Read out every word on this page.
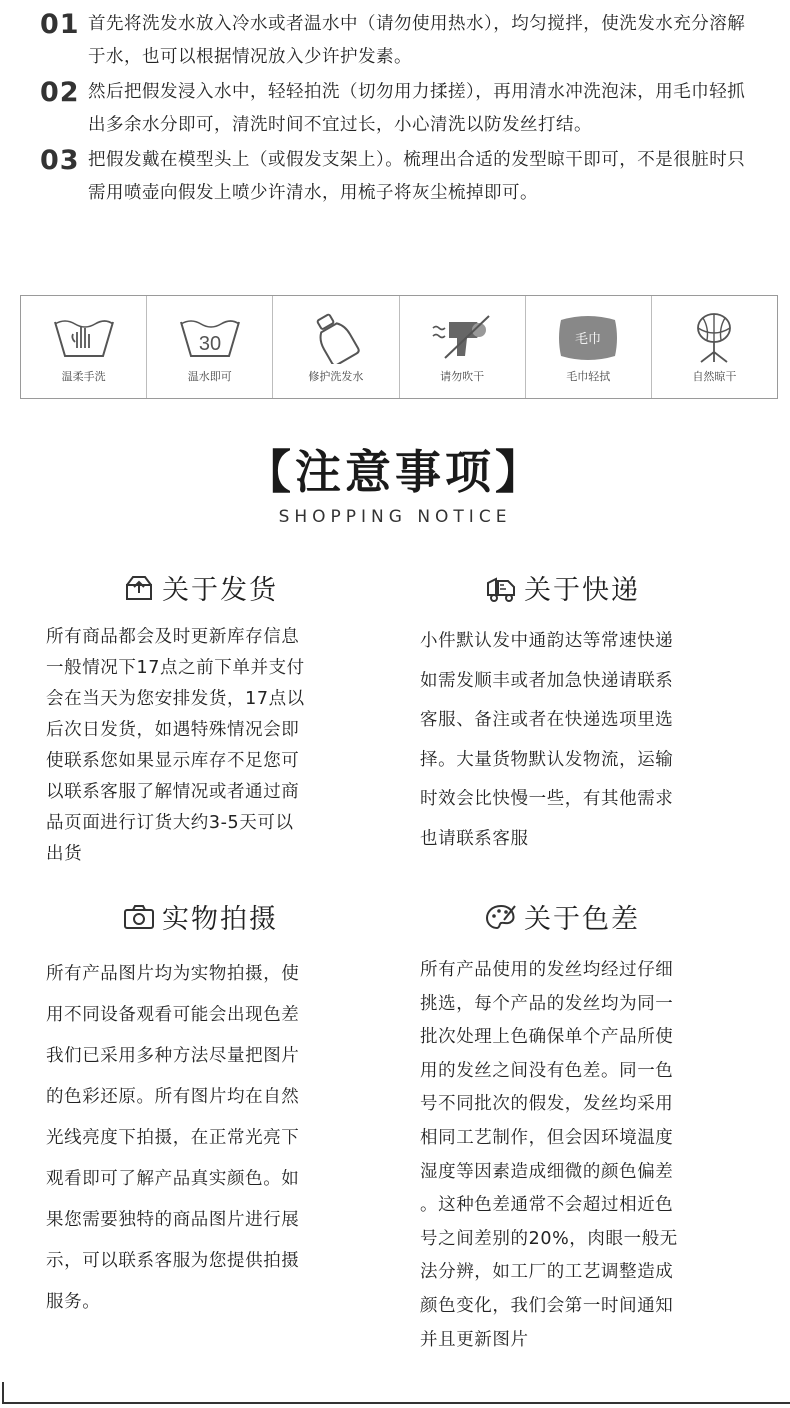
01 首先将洗发水放入冷水或者温水中（请勿使用热水），均匀搅拌，使洗发水充分溶解于水，也可以根据情况放入少许护发素。
02 然后把假发浸入水中，轻轻拍洗（切勿用力揉搓），再用清水冲洗泡沫，用毛巾轻抓出多余水分即可，清洗时间不宜过长，小心清洗以防发丝打结。
03 把假发戴在模型头上（或假发支架上）。梳理出合适的发型晾干即可，不是很脏时只需用喷壶向假发上喷少许清水，用梳子将灰尘梳掉即可。
温柔手洗
30
温水即可	修护洗发水	请勿吹干
毛巾
毛巾轻拭	自然晾干
【注意事项】
SHOPPING NOTICE
关于发货
所有商品都会及时更新库存信息
一般情况下17点之前下单并支付
会在当天为您安排发货，17点以
后次日发货，如遇特殊情况会即
使联系您如果显示库存不足您可
以联系客服了解情况或者通过商
品页面进行订货大约3-5天可以
出货
关于快递
小件默认发中通韵达等常速快递
如需发顺丰或者加急快递请联系
客服、备注或者在快递选项里选
择。大量货物默认发物流，运输
时效会比快慢一些，有其他需求
也请联系客服
实物拍摄
所有产品图片均为实物拍摄，使
用不同设备观看可能会出现色差
我们已采用多种方法尽量把图片
的色彩还原。所有图片均在自然
光线亮度下拍摄，在正常光亮下
观看即可了解产品真实颜色。如
果您需要独特的商品图片进行展
示，可以联系客服为您提供拍摄
服务。
关于色差
所有产品使用的发丝均经过仔细
挑选，每个产品的发丝均为同一
批次处理上色确保单个产品所使
用的发丝之间没有色差。同一色
号不同批次的假发，发丝均采用
相同工艺制作，但会因环境温度
湿度等因素造成细微的颜色偏差
。这种色差通常不会超过相近色
号之间差别的20%，肉眼一般无
法分辨，如工厂的工艺调整造成
颜色变化，我们会第一时间通知
并且更新图片
